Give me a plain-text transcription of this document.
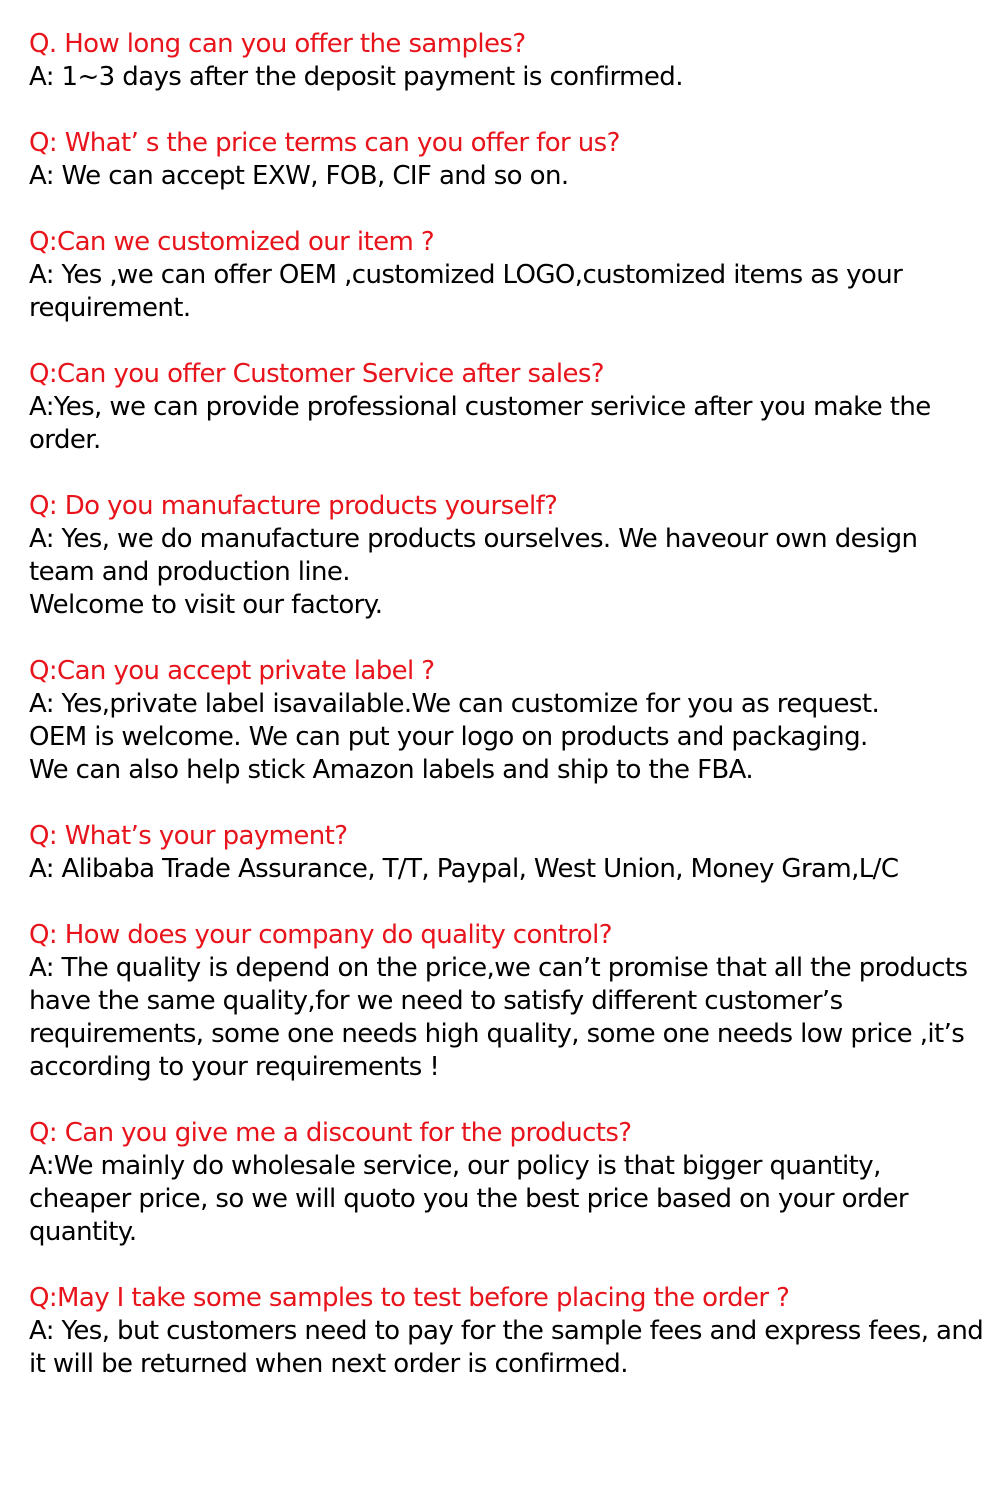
Q. How long can you offer the samples?
A: 1~3 days after the deposit payment is confirmed.
Q: What’ s the price terms can you offer for us?
A: We can accept EXW, FOB, CIF and so on.
Q:Can we customized our item ?
A: Yes ,we can offer OEM ,customized LOGO,customized items as your requirement.
Q:Can you offer Customer Service after sales?
A:Yes, we can provide professional customer serivice after you make the order.
Q: Do you manufacture products yourself?
A: Yes, we do manufacture products ourselves. We haveour own design team and production line.
Welcome to visit our factory.
Q:Can you accept private label ?
A: Yes,private label isavailable.We can customize for you as request.
OEM is welcome. We can put your logo on products and packaging.
We can also help stick Amazon labels and ship to the FBA.
Q: What’s your payment?
A: Alibaba Trade Assurance, T/T, Paypal, West Union, Money Gram,L/C
Q: How does your company do quality control?
A: The quality is depend on the price,we can’t promise that all the products have the same quality,for we need to satisfy different customer’s requirements, some one needs high quality, some one needs low price ,it’s according to your requirements !
Q: Can you give me a discount for the products?
A:We mainly do wholesale service, our policy is that bigger quantity, cheaper price, so we will quoto you the best price based on your order quantity.
Q:May I take some samples to test before placing the order ?
A: Yes, but customers need to pay for the sample fees and express fees, and it will be returned when next order is confirmed.
